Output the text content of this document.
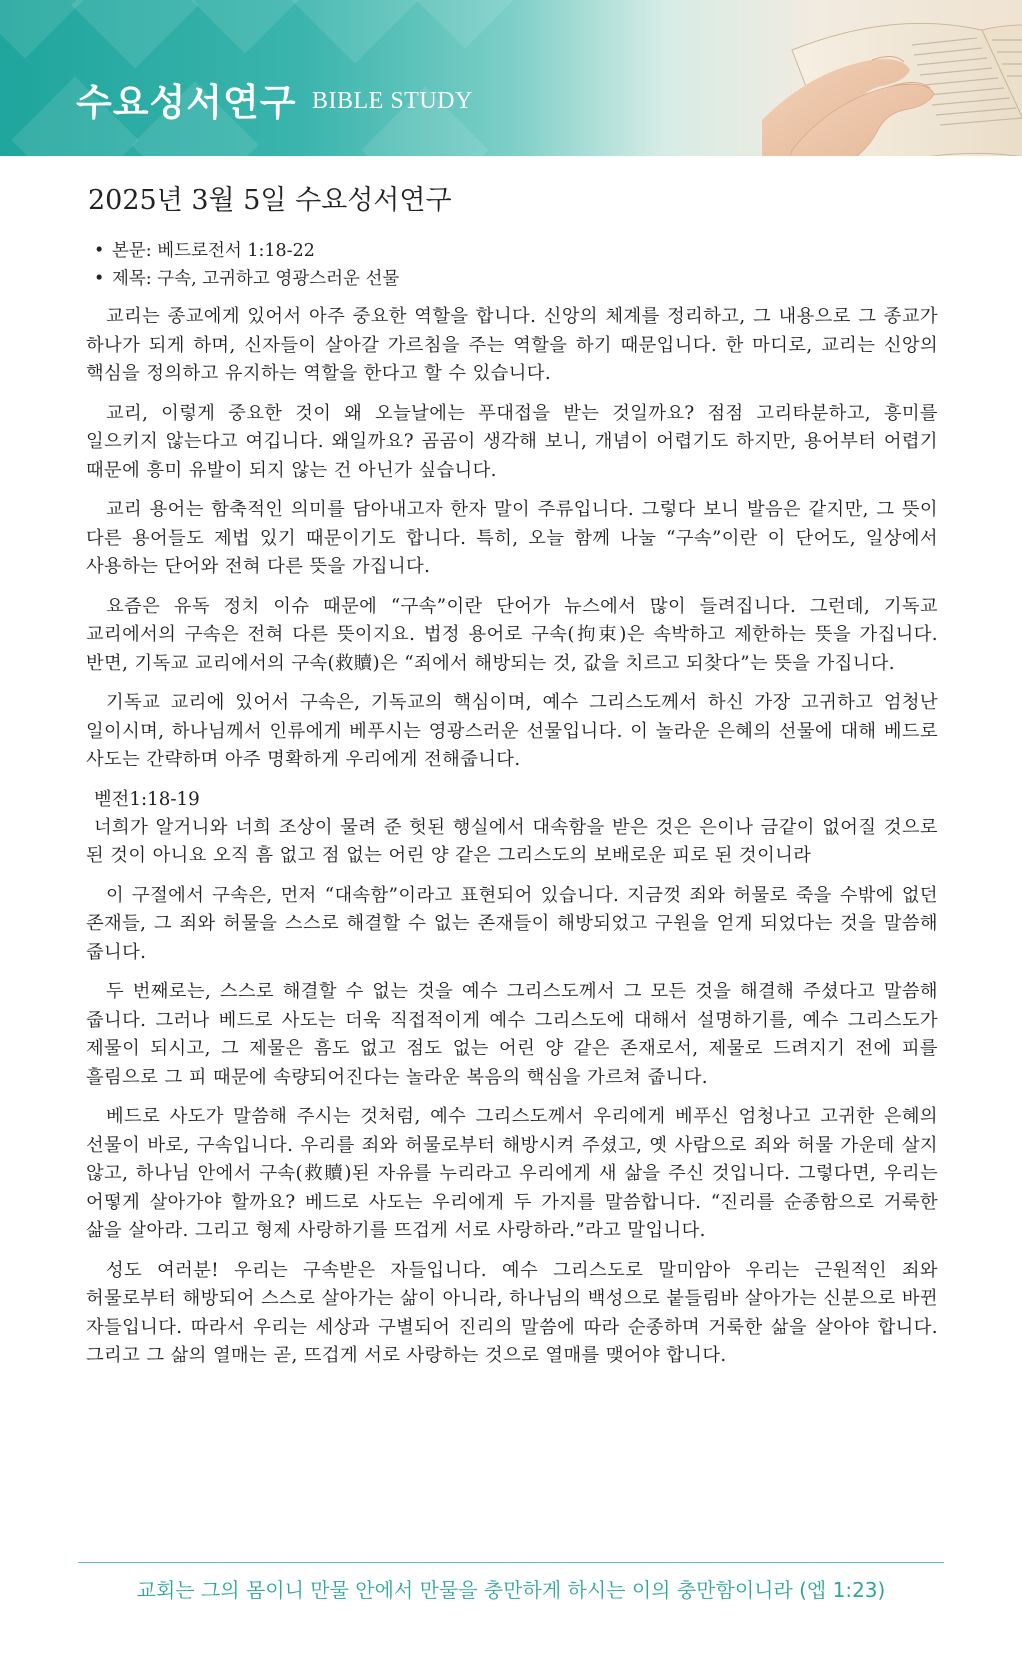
수요성서연구 BIBLE STUDY
2025년 3월 5일 수요성서연구
• 본문: 베드로전서 1:18-22
• 제목: 구속, 고귀하고 영광스러운 선물

교리는 종교에게 있어서 아주 중요한 역할을 합니다. 신앙의 체계를 정리하고, 그 내용으로 그 종교가 하나가 되게 하며, 신자들이 살아갈 가르침을 주는 역할을 하기 때문입니다. 한 마디로, 교리는 신앙의 핵심을 정의하고 유지하는 역할을 한다고 할 수 있습니다.

교리, 이렇게 중요한 것이 왜 오늘날에는 푸대접을 받는 것일까요? 점점 고리타분하고, 흥미를 일으키지 않는다고 여깁니다. 왜일까요? 곰곰이 생각해 보니, 개념이 어렵기도 하지만, 용어부터 어렵기 때문에 흥미 유발이 되지 않는 건 아닌가 싶습니다.

교리 용어는 함축적인 의미를 담아내고자 한자 말이 주류입니다. 그렇다 보니 발음은 같지만, 그 뜻이 다른 용어들도 제법 있기 때문이기도 합니다. 특히, 오늘 함께 나눌 “구속”이란 이 단어도, 일상에서 사용하는 단어와 전혀 다른 뜻을 가집니다.

요즘은 유독 정치 이슈 때문에 “구속”이란 단어가 뉴스에서 많이 들려집니다. 그런데, 기독교 교리에서의 구속은 전혀 다른 뜻이지요. 법정 용어로 구속(拘束)은 속박하고 제한하는 뜻을 가집니다. 반면, 기독교 교리에서의 구속(救贖)은 “죄에서 해방되는 것, 값을 치르고 되찾다”는 뜻을 가집니다.

기독교 교리에 있어서 구속은, 기독교의 핵심이며, 예수 그리스도께서 하신 가장 고귀하고 엄청난 일이시며, 하나님께서 인류에게 베푸시는 영광스러운 선물입니다. 이 놀라운 은혜의 선물에 대해 베드로 사도는 간략하며 아주 명확하게 우리에게 전해줍니다.

벧전1:18-19

너희가 알거니와 너희 조상이 물려 준 헛된 행실에서 대속함을 받은 것은 은이나 금같이 없어질 것으로 된 것이 아니요 오직 흠 없고 점 없는 어린 양 같은 그리스도의 보배로운 피로 된 것이니라

이 구절에서 구속은, 먼저 “대속함”이라고 표현되어 있습니다. 지금껏 죄와 허물로 죽을 수밖에 없던 존재들, 그 죄와 허물을 스스로 해결할 수 없는 존재들이 해방되었고 구원을 얻게 되었다는 것을 말씀해 줍니다.

두 번째로는, 스스로 해결할 수 없는 것을 예수 그리스도께서 그 모든 것을 해결해 주셨다고 말씀해 줍니다. 그러나 베드로 사도는 더욱 직접적이게 예수 그리스도에 대해서 설명하기를, 예수 그리스도가 제물이 되시고, 그 제물은 흠도 없고 점도 없는 어린 양 같은 존재로서, 제물로 드려지기 전에 피를 흘림으로 그 피 때문에 속량되어진다는 놀라운 복음의 핵심을 가르쳐 줍니다.

베드로 사도가 말씀해 주시는 것처럼, 예수 그리스도께서 우리에게 베푸신 엄청나고 고귀한 은혜의 선물이 바로, 구속입니다. 우리를 죄와 허물로부터 해방시켜 주셨고, 옛 사람으로 죄와 허물 가운데 살지 않고, 하나님 안에서 구속(救贖)된 자유를 누리라고 우리에게 새 삶을 주신 것입니다. 그렇다면, 우리는 어떻게 살아가야 할까요? 베드로 사도는 우리에게 두 가지를 말씀합니다. “진리를 순종함으로 거룩한 삶을 살아라. 그리고 형제 사랑하기를 뜨겁게 서로 사랑하라.”라고 말입니다.

성도 여러분! 우리는 구속받은 자들입니다. 예수 그리스도로 말미암아 우리는 근원적인 죄와 허물로부터 해방되어 스스로 살아가는 삶이 아니라, 하나님의 백성으로 붙들림바 살아가는 신분으로 바뀐 자들입니다. 따라서 우리는 세상과 구별되어 진리의 말씀에 따라 순종하며 거룩한 삶을 살아야 합니다. 그리고 그 삶의 열매는 곧, 뜨겁게 서로 사랑하는 것으로 열매를 맺어야 합니다.

교회는 그의 몸이니 만물 안에서 만물을 충만하게 하시는 이의 충만함이니라 (엡 1:23)
